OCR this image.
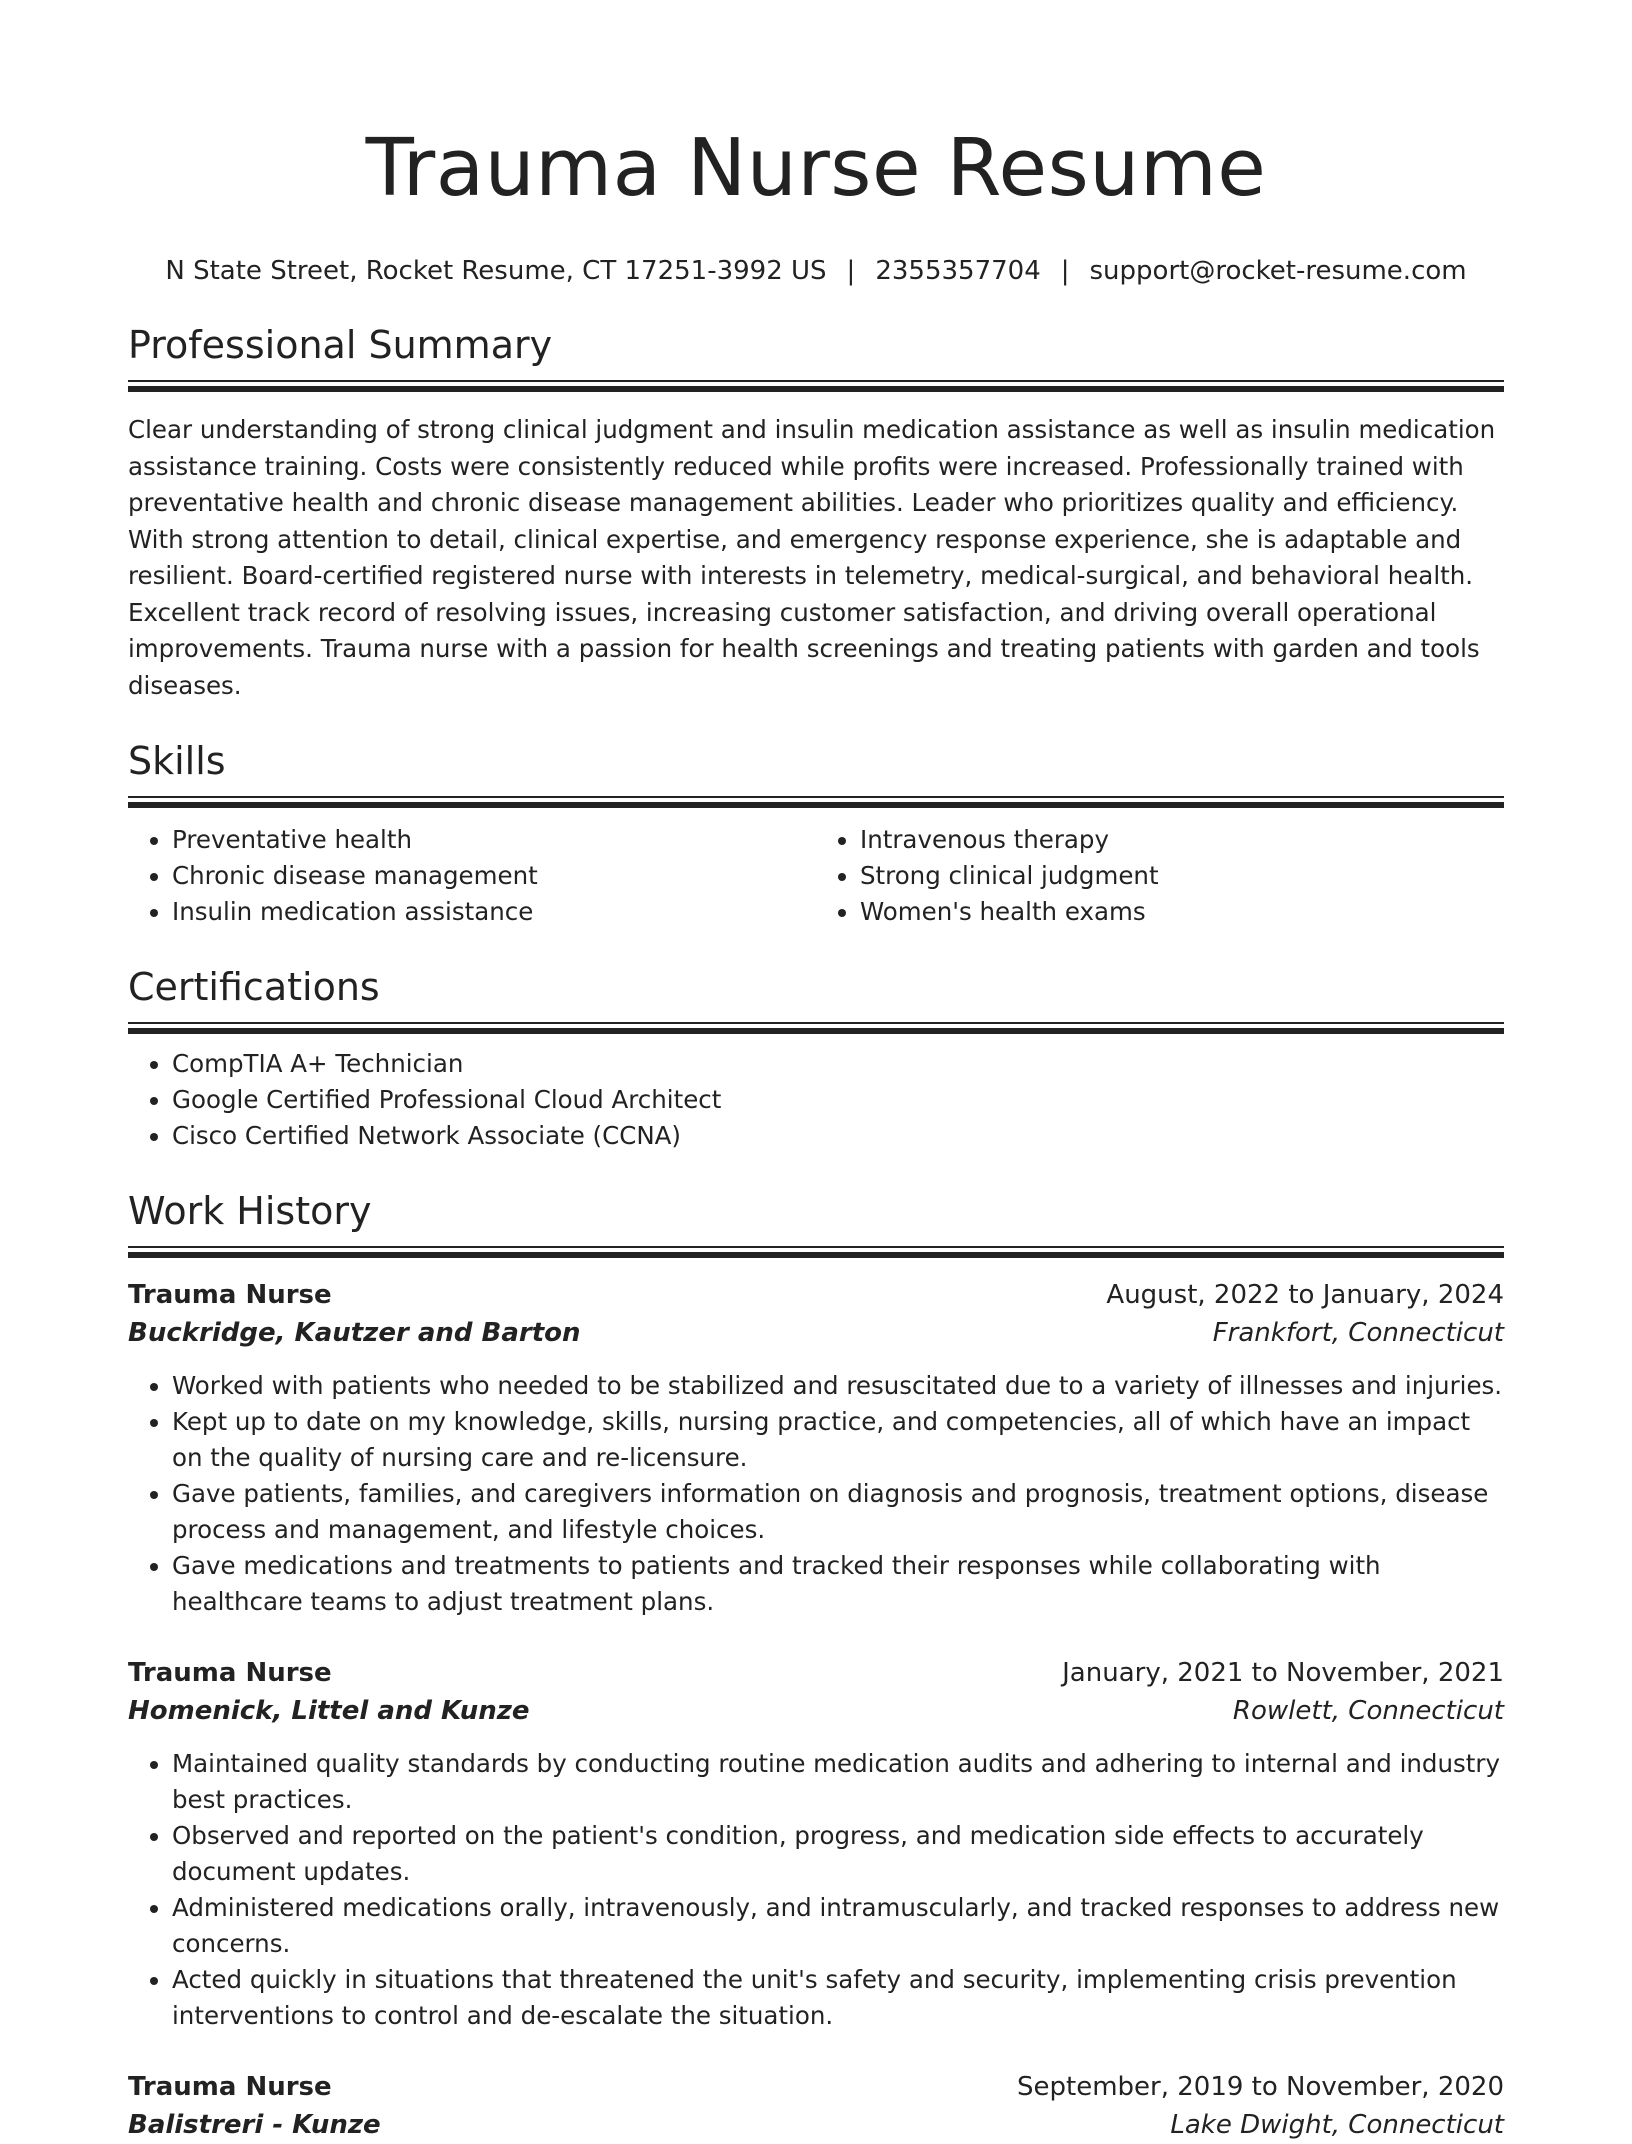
Trauma Nurse Resume
N State Street, Rocket Resume, CT 17251-3992 US | 2355357704 | support@rocket-resume.com
Professional Summary

Clear understanding of strong clinical judgment and insulin medication assistance as well as insulin medication assistance training. Costs were consistently reduced while profits were increased. Professionally trained with preventative health and chronic disease management abilities. Leader who prioritizes quality and efficiency. With strong attention to detail, clinical expertise, and emergency response experience, she is adaptable and resilient. Board-certified registered nurse with interests in telemetry, medical-surgical, and behavioral health. Excellent track record of resolving issues, increasing customer satisfaction, and driving overall operational improvements. Trauma nurse with a passion for health screenings and treating patients with garden and tools diseases.

Skills
• Preventative health
• Chronic disease management
• Insulin medication assistance
• Intravenous therapy
• Strong clinical judgment
• Women's health exams
Certifications
• CompTIA A+ Technician
• Google Certified Professional Cloud Architect
• Cisco Certified Network Associate (CCNA)
Work History
Trauma Nurse	August, 2022 to January, 2024
Buckridge, Kautzer and Barton	Frankfort, Connecticut
• Worked with patients who needed to be stabilized and resuscitated due to a variety of illnesses and injuries.
• Kept up to date on my knowledge, skills, nursing practice, and competencies, all of which have an impact on the quality of nursing care and re-licensure.
• Gave patients, families, and caregivers information on diagnosis and prognosis, treatment options, disease process and management, and lifestyle choices.
• Gave medications and treatments to patients and tracked their responses while collaborating with healthcare teams to adjust treatment plans.
Trauma Nurse	January, 2021 to November, 2021
Homenick, Littel and Kunze	Rowlett, Connecticut
• Maintained quality standards by conducting routine medication audits and adhering to internal and industry best practices.
• Observed and reported on the patient's condition, progress, and medication side effects to accurately document updates.
• Administered medications orally, intravenously, and intramuscularly, and tracked responses to address new concerns.
• Acted quickly in situations that threatened the unit's safety and security, implementing crisis prevention interventions to control and de-escalate the situation.
Trauma Nurse	September, 2019 to November, 2020
Balistreri - Kunze	Lake Dwight, Connecticut
